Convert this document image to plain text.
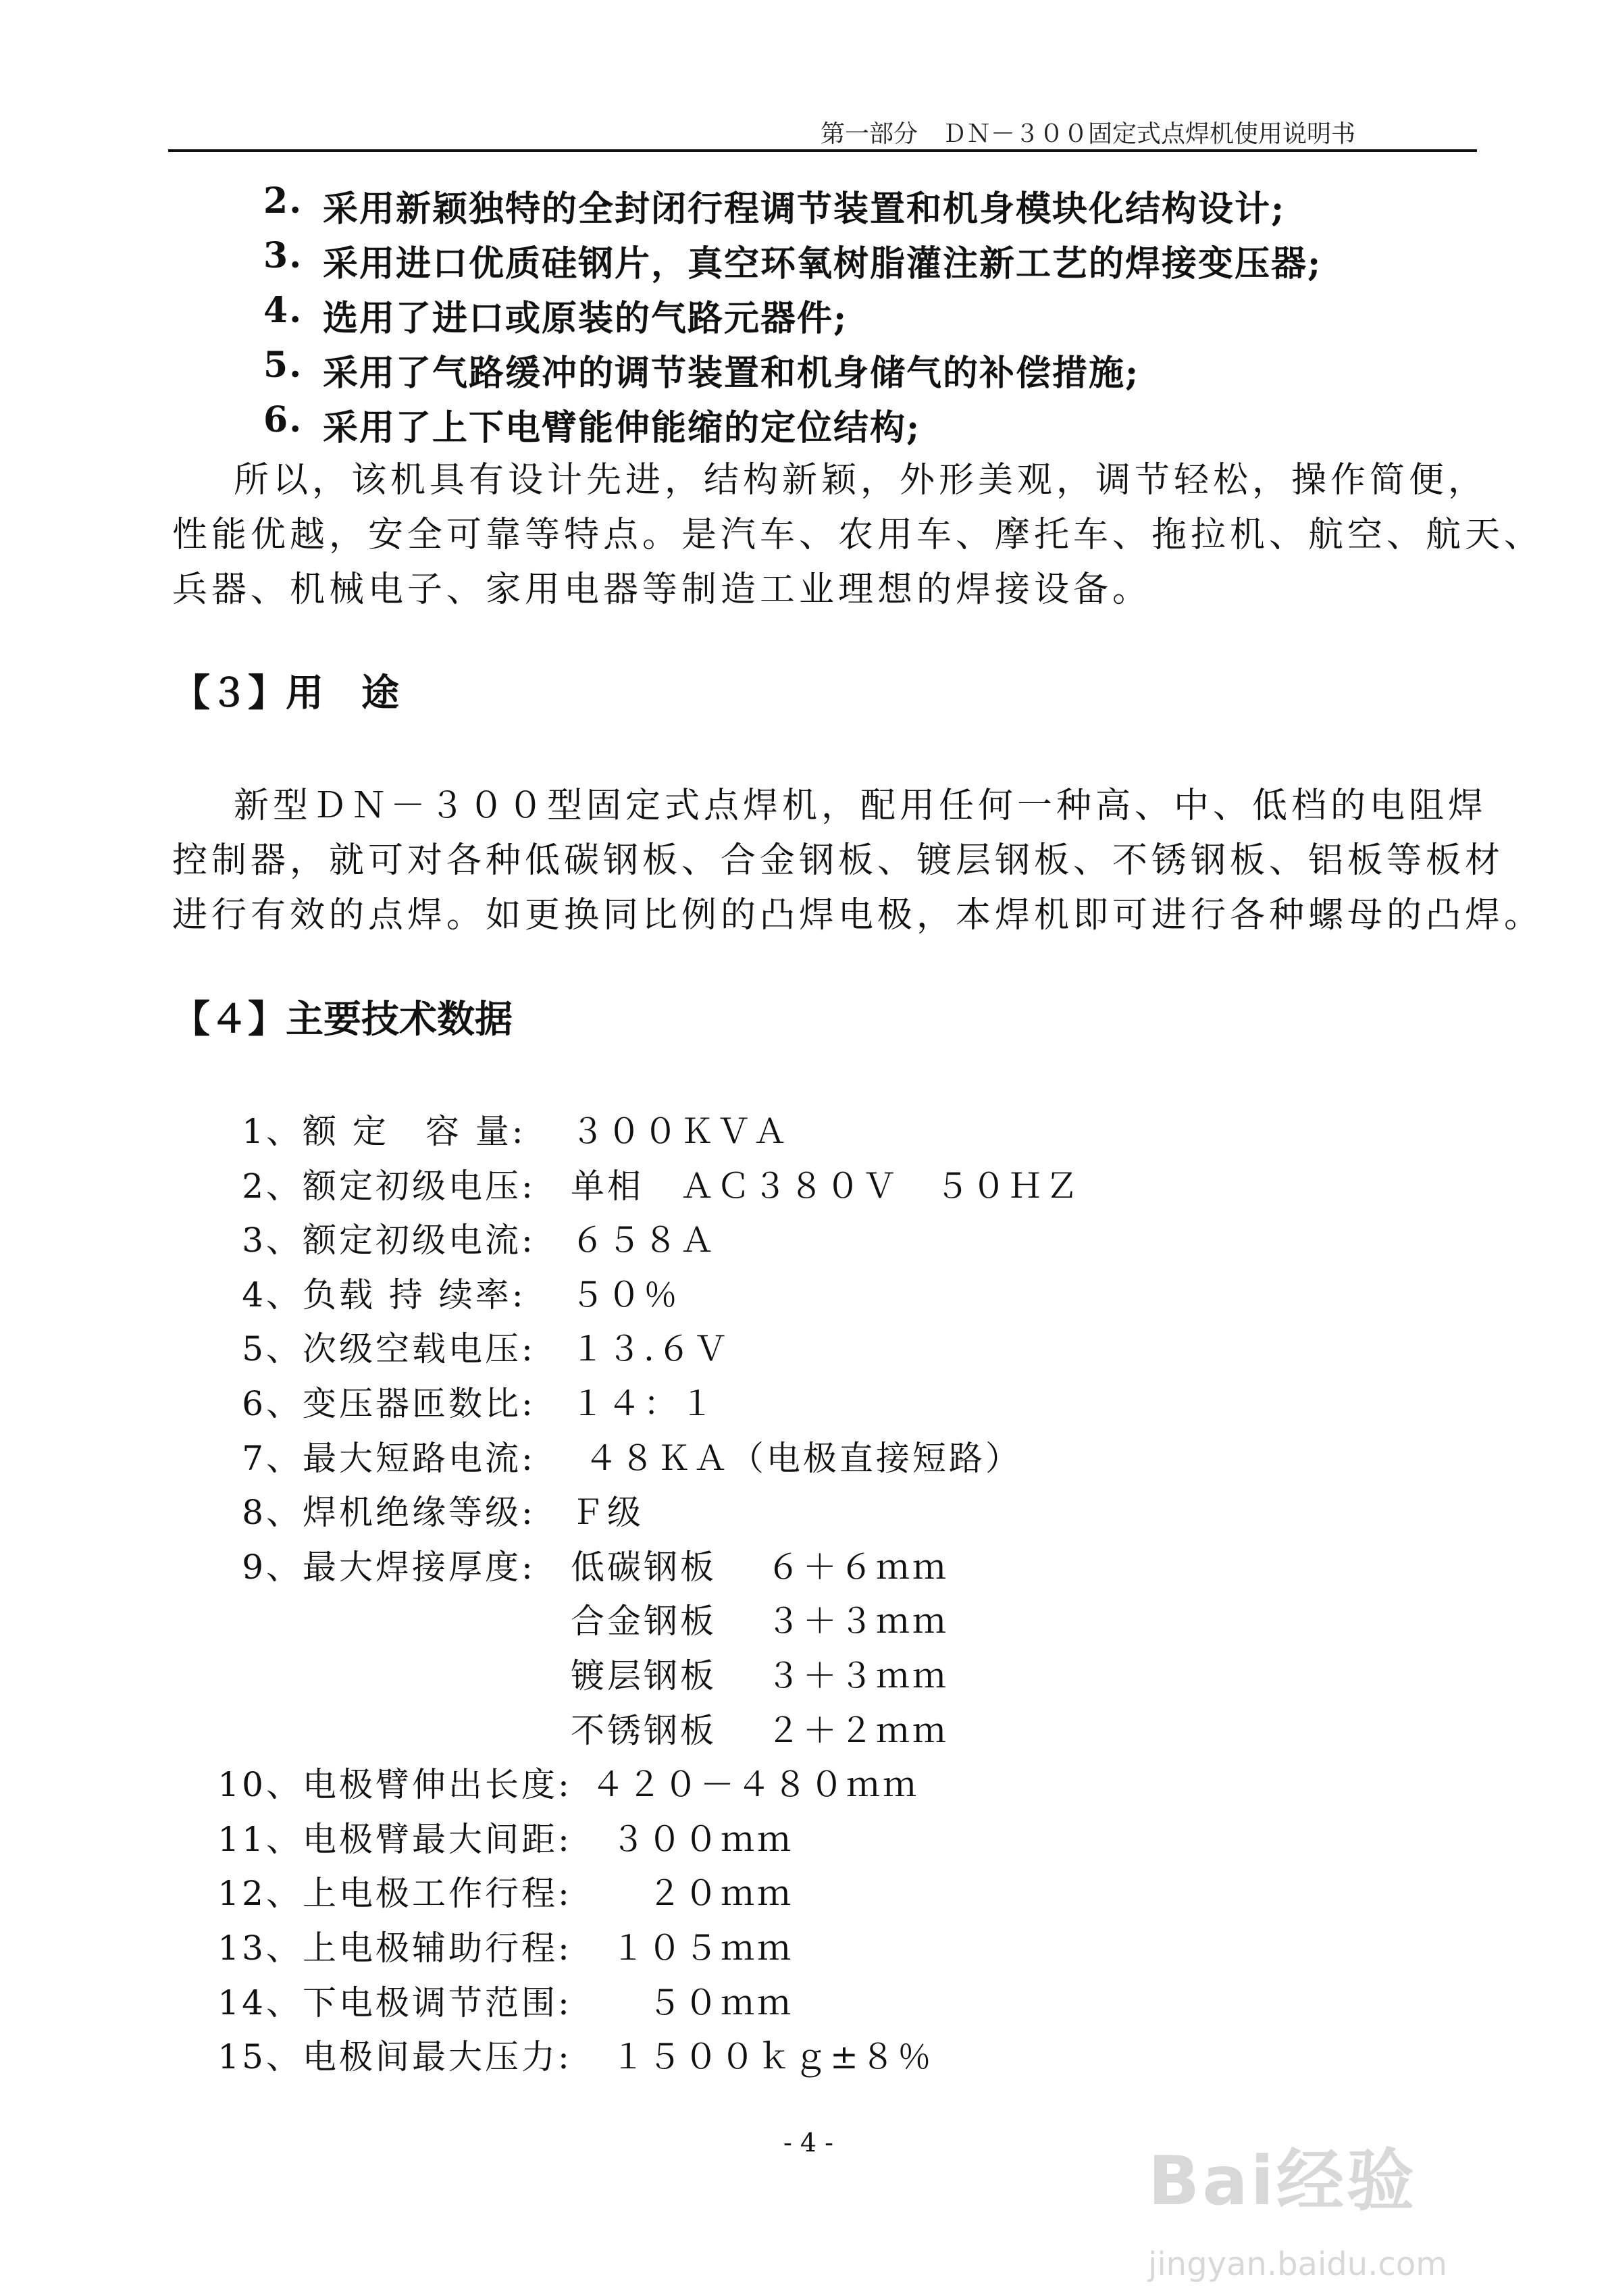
第一部分　ＤＮ－３００固定式点焊机使用说明书
2. 采用新颖独特的全封闭行程调节装置和机身模块化结构设计;
3. 采用进口优质硅钢片，真空环氧树脂灌注新工艺的焊接变压器;
4. 选用了进口或原装的气路元器件;
5. 采用了气路缓冲的调节装置和机身储气的补偿措施;
6. 采用了上下电臂能伸能缩的定位结构;
所以，该机具有设计先进，结构新颖，外形美观，调节轻松，操作简便，
性能优越，安全可靠等特点。是汽车、农用车、摩托车、拖拉机、航空、航天、
兵器、机械电子、家用电器等制造工业理想的焊接设备。
【３】用　途
新型ＤＮ－３００型固定式点焊机，配用任何一种高、中、低档的电阻焊
控制器，就可对各种低碳钢板、合金钢板、镀层钢板、不锈钢板、铝板等板材
进行有效的点焊。如更换同比例的凸焊电极，本焊机即可进行各种螺母的凸焊。
【４】主要技术数据
1、 额 定　容 量: ３００ＫＶＡ
2、 额定初级电压: 单相　ＡＣ３８０Ｖ　５０ＨＺ
3、 额定初级电流: ６５８Ａ
4、 负载 持 续率: ５０％
5、 次级空载电压: １３.６Ｖ
6、 变压器匝数比: １４：１
7、 最大短路电流: ４８ＫＡ（电极直接短路）
8、 焊机绝缘等级: Ｆ级
9、 最大焊接厚度: 低碳钢板　 ６＋６ｍｍ
合金钢板　 ３＋３ｍｍ
镀层钢板　 ３＋３ｍｍ
不锈钢板　 ２＋２ｍｍ
10、 电极臂伸出长度: ４２０－４８０ｍｍ
11、 电极臂最大间距: ３００ｍｍ
12、 上电极工作行程: 　２０ｍｍ
13、 上电极辅助行程: １０５ｍｍ
14、 下电极调节范围: 　５０ｍｍ
15、 电极间最大压力: １５００ｋｇ±８％
- 4 -

	Bai经验

jingyan.baidu.com
